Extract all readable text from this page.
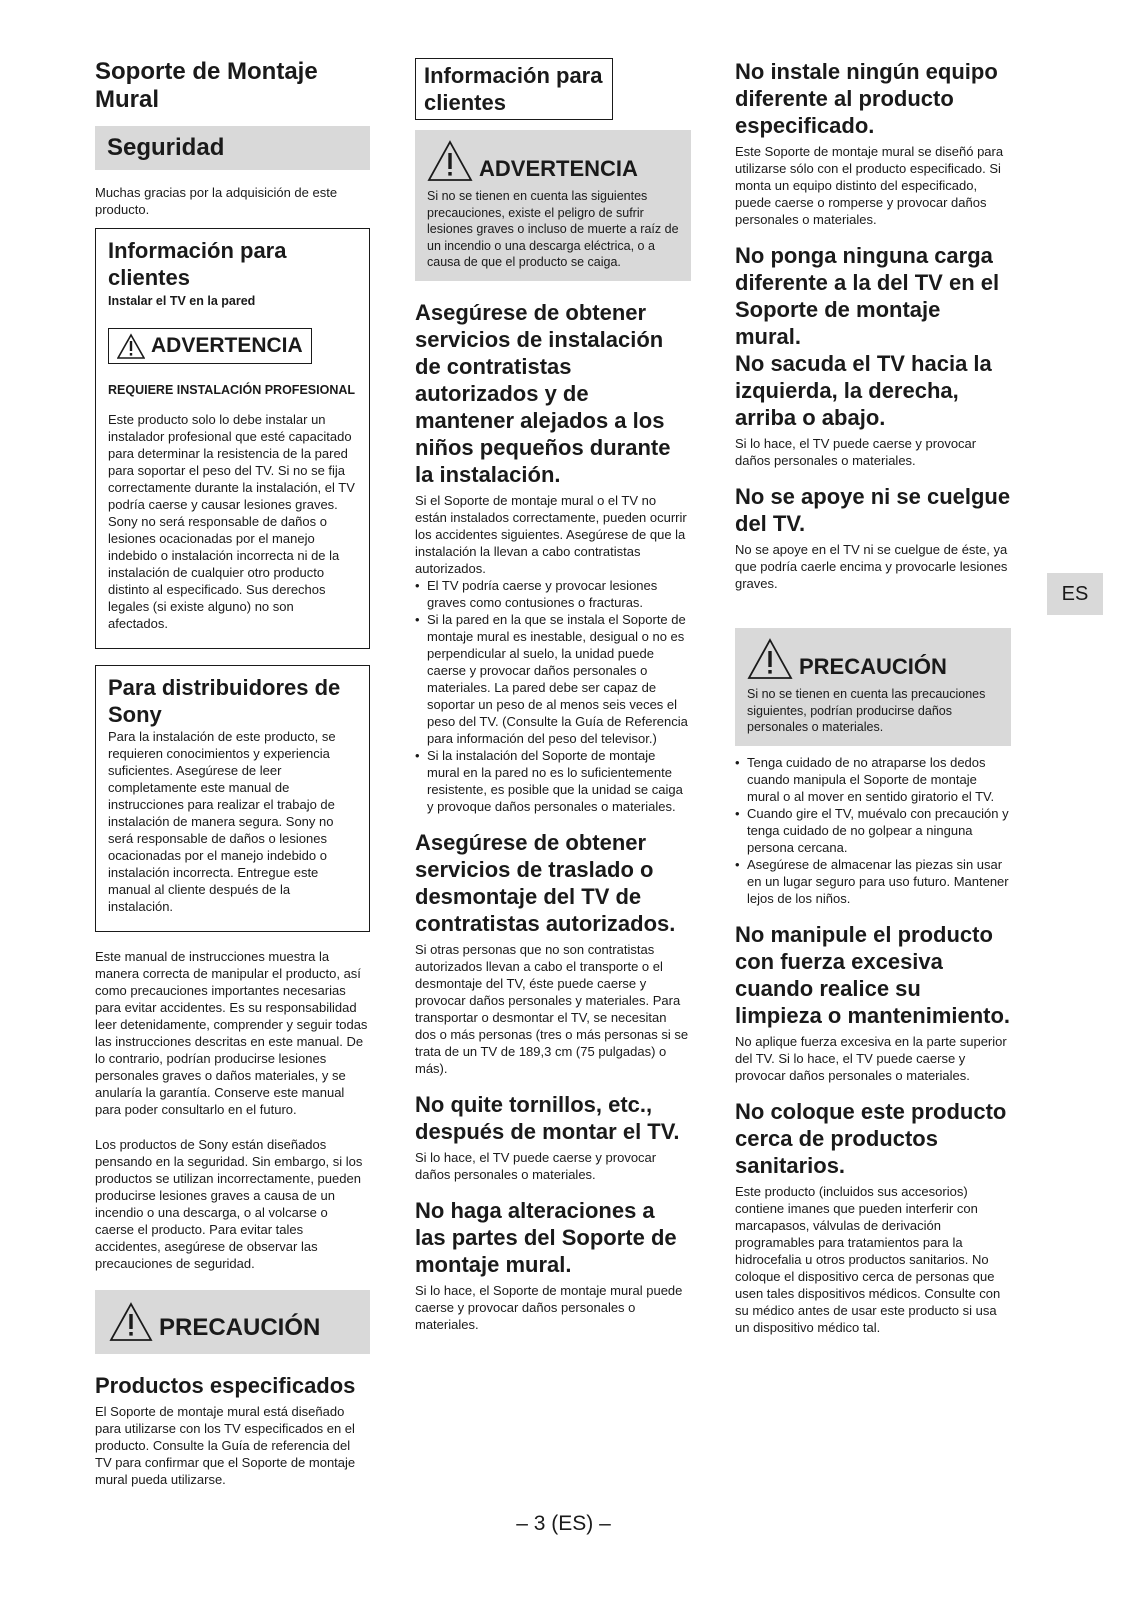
Soporte de Montaje Mural
Seguridad

Muchas gracias por la adquisición de este producto.

Información para clientes
Instalar el TV en la pared
ADVERTENCIA
REQUIERE INSTALACIÓN PROFESIONAL

Este producto solo lo debe instalar un instalador profesional que esté capacitado para determinar la resistencia de la pared para soportar el peso del TV. Si no se fija correctamente durante la instalación, el TV podría caerse y causar lesiones graves. Sony no será responsable de daños o lesiones ocacionadas por el manejo indebido o instalación incorrecta ni de la instalación de cualquier otro producto distinto al especificado. Sus derechos legales (si existe alguno) no son afectados.

Para distribuidores de Sony

Para la instalación de este producto, se requieren conocimientos y experiencia suficientes. Asegúrese de leer completamente este manual de instrucciones para realizar el trabajo de instalación de manera segura. Sony no será responsable de daños o lesiones ocacionadas por el manejo indebido o instalación incorrecta. Entregue este manual al cliente después de la instalación.

Este manual de instrucciones muestra la manera correcta de manipular el producto, así como precauciones importantes necesarias para evitar accidentes. Es su responsabilidad leer detenidamente, comprender y seguir todas las instrucciones descritas en este manual. De lo contrario, podrían producirse lesiones personales graves o daños materiales, y se anularía la garantía. Conserve este manual para poder consultarlo en el futuro.

Los productos de Sony están diseñados pensando en la seguridad. Sin embargo, si los productos se utilizan incorrectamente, pueden producirse lesiones graves a causa de un incendio o una descarga, o al volcarse o caerse el producto. Para evitar tales accidentes, asegúrese de observar las precauciones de seguridad.

PRECAUCIÓN
Productos especificados

El Soporte de montaje mural está diseñado para utilizarse con los TV especificados en el producto. Consulte la Guía de referencia del TV para confirmar que el Soporte de montaje mural pueda utilizarse.

Información para clientes
ADVERTENCIA

Si no se tienen en cuenta las siguientes precauciones, existe el peligro de sufrir lesiones graves o incluso de muerte a raíz de un incendio o una descarga eléctrica, o a causa de que el producto se caiga.

Asegúrese de obtener servicios de instalación de contratistas autorizados y de mantener alejados a los niños pequeños durante la instalación.

Si el Soporte de montaje mural o el TV no están instalados correctamente, pueden ocurrir los accidentes siguientes. Asegúrese de que la instalación la llevan a cabo contratistas autorizados.

• El TV podría caerse y provocar lesiones graves como contusiones o fracturas.
• Si la pared en la que se instala el Soporte de montaje mural es inestable, desigual o no es perpendicular al suelo, la unidad puede caerse y provocar daños personales o materiales. La pared debe ser capaz de soportar un peso de al menos seis veces el peso del TV. (Consulte la Guía de Referencia para información del peso del televisor.)
• Si la instalación del Soporte de montaje mural en la pared no es lo suficientemente resistente, es posible que la unidad se caiga y provoque daños personales o materiales.
Asegúrese de obtener servicios de traslado o desmontaje del TV de contratistas autorizados.

Si otras personas que no son contratistas autorizados llevan a cabo el transporte o el desmontaje del TV, éste puede caerse y provocar daños personales y materiales. Para transportar o desmontar el TV, se necesitan dos o más personas (tres o más personas si se trata de un TV de 189,3 cm (75 pulgadas) o más).

No quite tornillos, etc., después de montar el TV.

Si lo hace, el TV puede caerse y provocar daños personales o materiales.

No haga alteraciones a las partes del Soporte de montaje mural.

Si lo hace, el Soporte de montaje mural puede caerse y provocar daños personales o materiales.

No instale ningún equipo diferente al producto especificado.

Este Soporte de montaje mural se diseñó para utilizarse sólo con el producto especificado. Si monta un equipo distinto del especificado, puede caerse o romperse y provocar daños personales o materiales.

No ponga ninguna carga diferente a la del TV en el Soporte de montaje mural.
No sacuda el TV hacia la izquierda, la derecha, arriba o abajo.

Si lo hace, el TV puede caerse y provocar daños personales o materiales.

No se apoye ni se cuelgue del TV.

No se apoye en el TV ni se cuelgue de éste, ya que podría caerle encima y provocarle lesiones graves.

PRECAUCIÓN

Si no se tienen en cuenta las precauciones siguientes, podrían producirse daños personales o materiales.

• Tenga cuidado de no atraparse los dedos cuando manipula el Soporte de montaje mural o al mover en sentido giratorio el TV.
• Cuando gire el TV, muévalo con precaución y tenga cuidado de no golpear a ninguna persona cercana.
• Asegúrese de almacenar las piezas sin usar en un lugar seguro para uso futuro. Mantener lejos de los niños.
No manipule el producto con fuerza excesiva cuando realice su limpieza o mantenimiento.

No aplique fuerza excesiva en la parte superior del TV. Si lo hace, el TV puede caerse y provocar daños personales o materiales.

No coloque este producto cerca de productos sanitarios.

Este producto (incluidos sus accesorios) contiene imanes que pueden interferir con marcapasos, válvulas de derivación programables para tratamientos para la hidrocefalia u otros productos sanitarios. No coloque el dispositivo cerca de personas que usen tales dispositivos médicos. Consulte con su médico antes de usar este producto si usa un dispositivo médico tal.

ES
– 3 (ES) –
